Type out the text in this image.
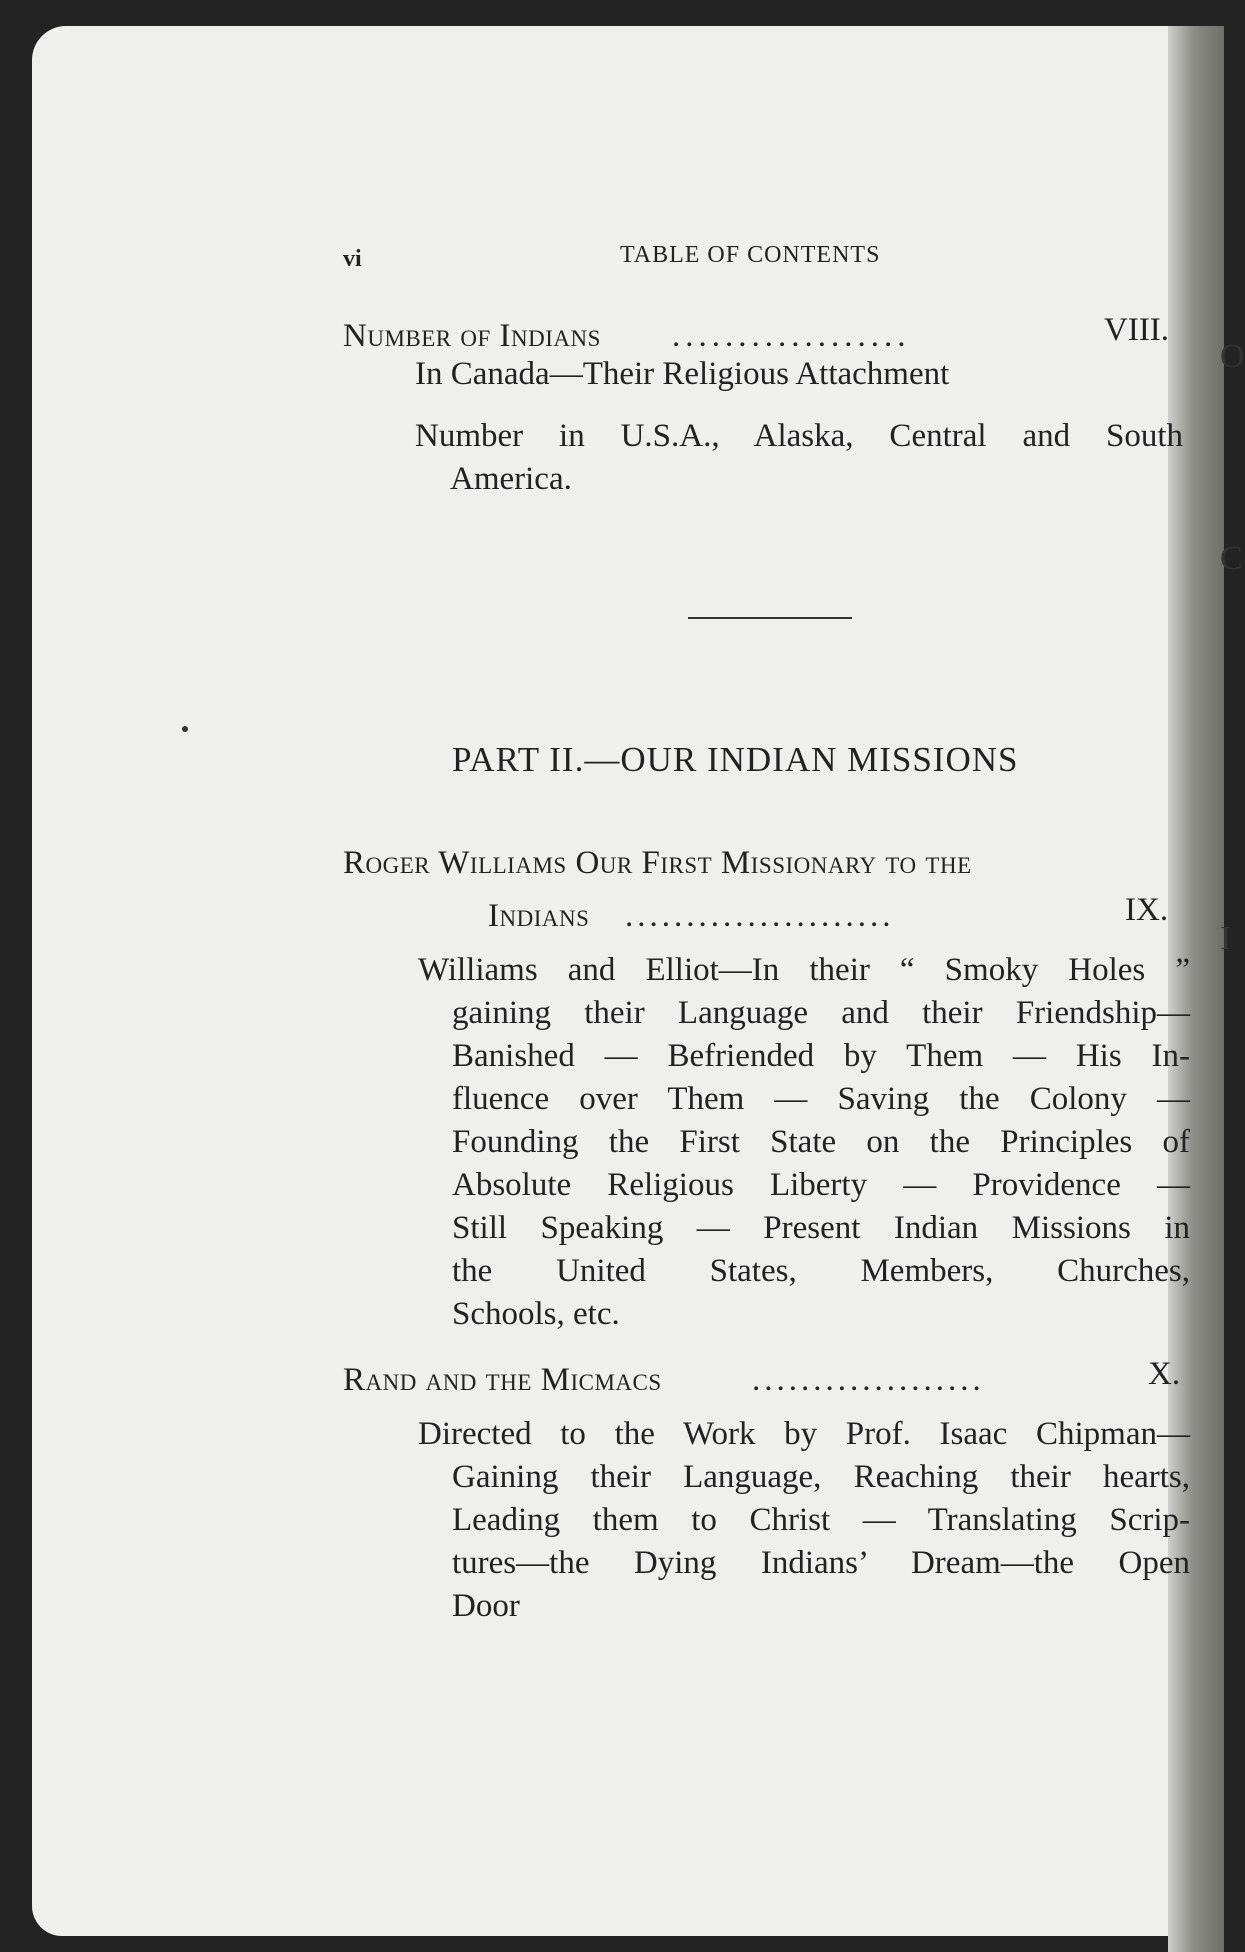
O
C
I
vi	TABLE OF CONTENTS
Number of Indians ..................	VIII.
In Canada—Their Religious Attachment
Number in U.S.A., Alaska, Central and South
America.
PART II.—OUR INDIAN MISSIONS
Roger Williams Our First Missionary to the
Indians ......................	IX.
Williams and Elliot—In their “ Smoky Holes ”
gaining their Language and their Friendship—
Banished — Befriended by Them — His In-
fluence over Them — Saving the Colony —
Founding the First State on the Principles of
Absolute Religious Liberty — Providence —
Still Speaking — Present Indian Missions in
the United States, Members, Churches,
Schools, etc.
Rand and the Micmacs	...................	X.
Directed to the Work by Prof. Isaac Chipman—
Gaining their Language, Reaching their hearts,
Leading them to Christ — Translating Scrip-
tures—the Dying Indians’ Dream—the Open
Door
